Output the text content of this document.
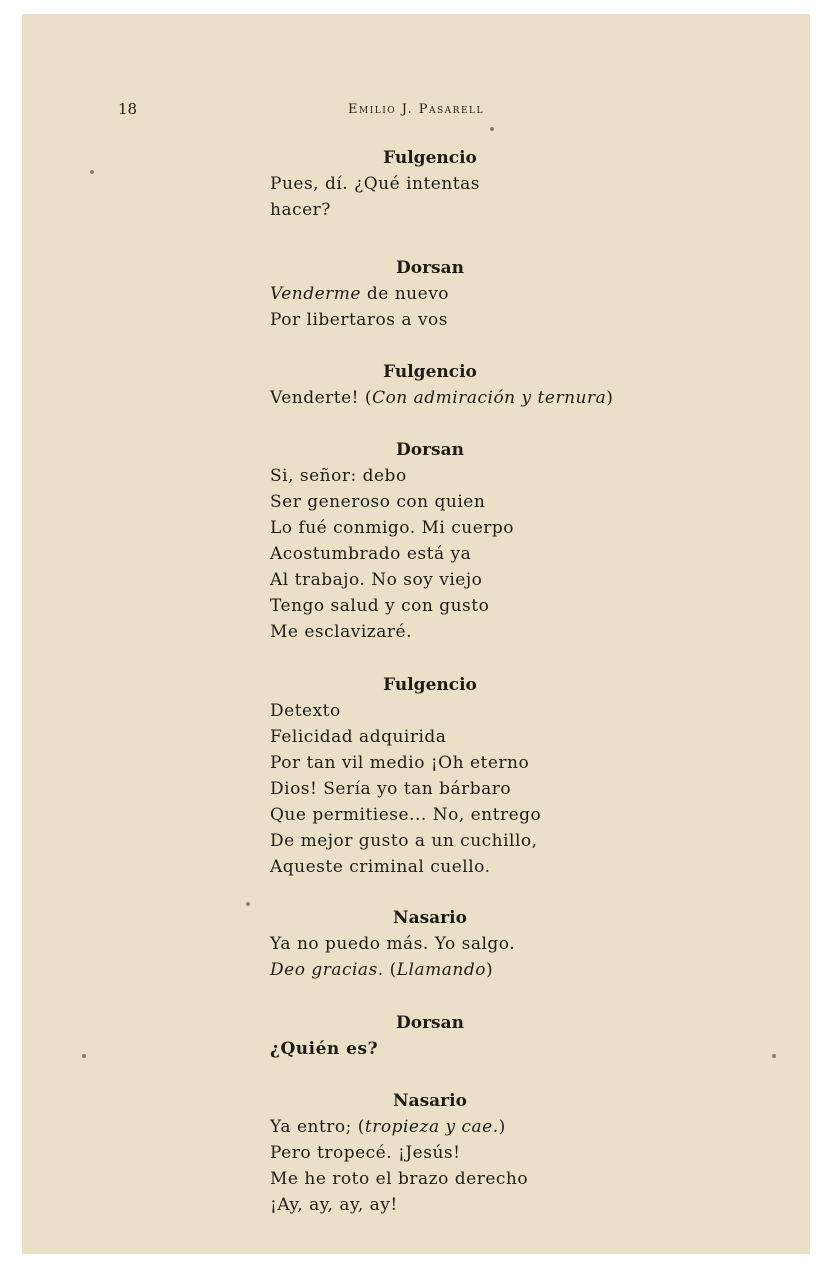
18	Emilio J. Pasarell
Fulgencio
Pues, dí. ¿Qué intentas
hacer?
Dorsan
Venderme de nuevo
Por libertaros a vos
Fulgencio
Venderte! (Con admiración y ternura)
Dorsan
Si, señor: debo
Ser generoso con quien
Lo fué conmigo. Mi cuerpo
Acostumbrado está ya
Al trabajo. No soy viejo
Tengo salud y con gusto
Me esclavizaré.
Fulgencio
Detexto
Felicidad adquirida
Por tan vil medio ¡Oh eterno
Dios! Sería yo tan bárbaro
Que permitiese... No, entrego
De mejor gusto a un cuchillo,
Aqueste criminal cuello.
Nasario
Ya no puedo más. Yo salgo.
Deo gracias. (Llamando)
Dorsan
¿Quién es?
Nasario
Ya entro; (tropieza y cae.)
Pero tropecé. ¡Jesús!
Me he roto el brazo derecho
¡Ay, ay, ay, ay!
